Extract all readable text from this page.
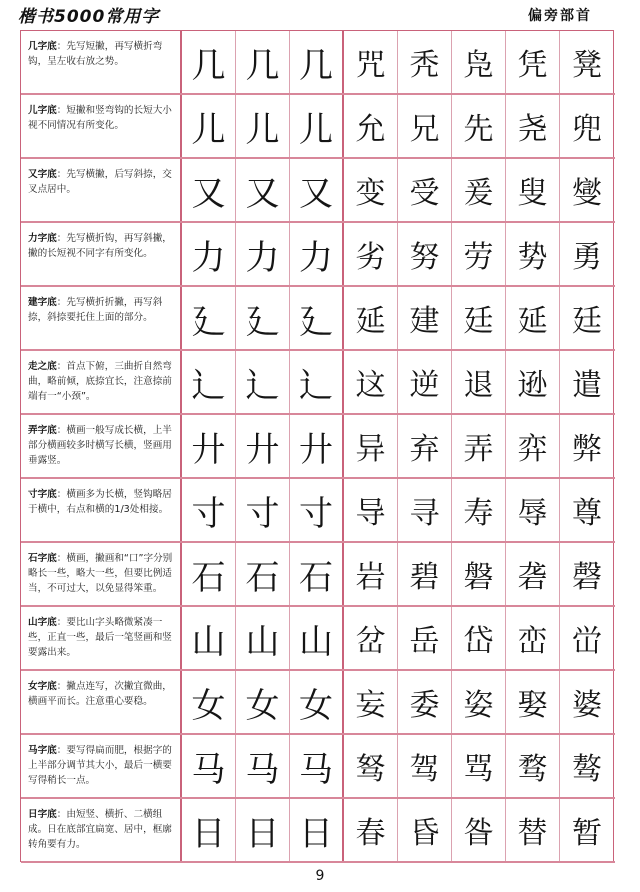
楷书5000常用字	偏旁部首
几字底：先写短撇，再写横折弯钩，呈左收右放之势。	几 几 几 咒 秃 凫 凭 凳
儿字底：短撇和竖弯钩的长短大小视不同情况有所变化。	儿 儿 儿 允 兄 先 尧 兜
又字底：先写横撇，后写斜捺，交叉点居中。	又 又 又 变 受 爰 叟 燮
力字底：先写横折钩，再写斜撇，撇的长短视不同字有所变化。	力 力 力 劣 努 劳 势 勇
建字底：先写横折折撇，再写斜捺，斜捺要托住上面的部分。	廴 廴 廴 延 建 廷 延 廷
走之底：首点下俯，三曲折自然弯曲，略前倾，底捺宜长，注意捺前端有一“小颈”。	辶 辶 辶 这 逆 退 逊 遣
弄字底：横画一般写成长横，上半部分横画较多时横写长横，竖画用垂露竖。	廾 廾 廾 异 弃 弄 弈 弊
寸字底：横画多为长横，竖钩略居于横中，右点和横的1/3处相接。 寸 寸 寸 导 寻 寿 辱 尊
石字底：横画，撇画和“口”字分别略长一些，略大一些，但要比例适当，不可过大，以免显得笨重。 石 石 石 岩 碧 磐 砻 磬
山字底：要比山字头略微紧凑一些，正直一些，最后一笔竖画和竖要露出来。	山 山 山 岔 岳 岱 峦 峃
女字底：撇点连写，次撇宜微曲，横画平而长。注意重心要稳。	女 女 女 妄 委 姿 娶 婆
马字底：要写得扁而肥，根据字的上半部分调节其大小，最后一横要写得稍长一点。	马 马 马 驽 驾 骂 骛 骜
日字底：由短竖、横折、二横组成。日在底部宜扁宽、居中，框廓转角要有力。	日 日 日 春 昏 昝 替 暂
9
